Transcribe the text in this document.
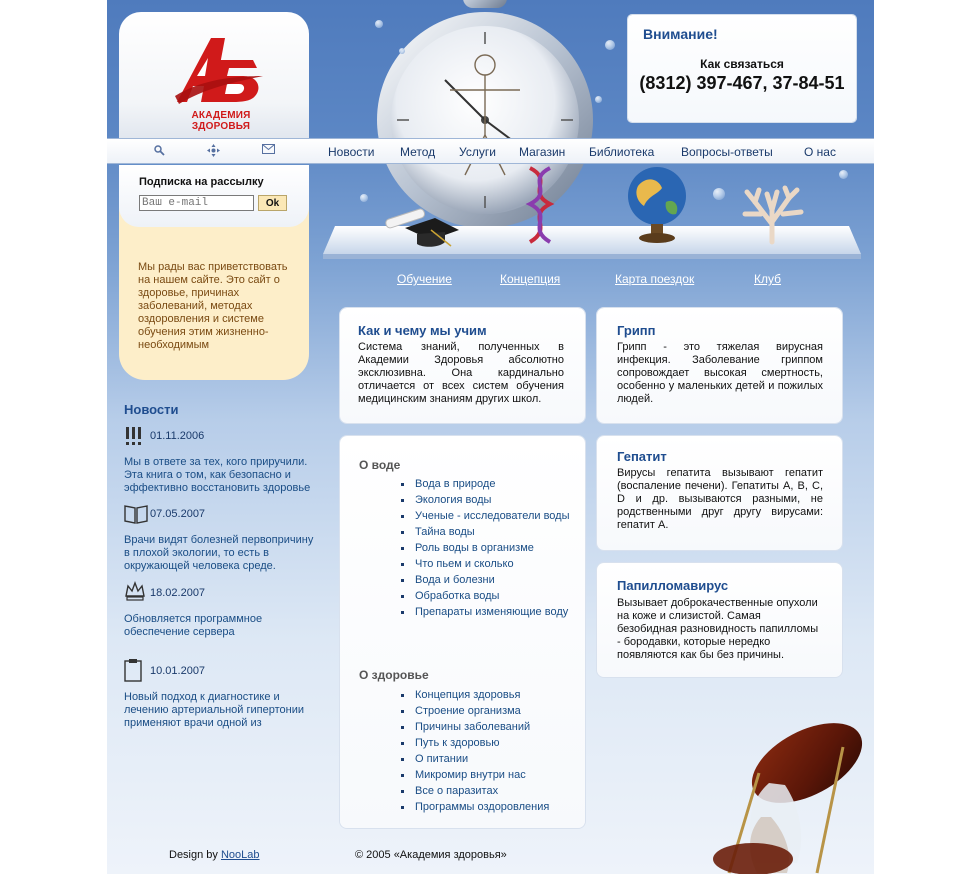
АКАДЕМИЯ ЗДОРОВЬЯ
Внимание!
Как связаться
(8312) 397-467, 37-84-51
Новости Метод Услуги Магазин Библиотека Вопросы-ответы	О нас
Подписка на рассылку
Ваш e-mail
Ok
Мы рады вас приветствовать на нашем сайте. Это сайт о здоровье, причинах заболеваний, методах оздоровления и системе обучения этим жизненно-необходимым
Обучение	Концепция	Карта поездок	Клуб
Новости
01.11.2006
Мы в ответе за тех, кого приручили. Эта книга о том, как безопасно и эффективно восстановить здоровье
07.05.2007
Врачи видят болезней первопричину в плохой экологии, то есть в окружающей человека среде.
18.02.2007
Обновляется программное обеспечение сервера
10.01.2007
Новый подход к диагностике и лечению артериальной гипертонии применяют врачи одной из
Как и чему мы учим
Система знаний, полученных в Академии Здоровья абсолютно эксклюзивна. Она кардинально отличается от всех систем обучения медицинским знаниям других школ.
О воде
Вода в природе
Экология воды
Ученые - исследователи воды
Тайна воды
Роль воды в организме
Что пьем и сколько
Вода и болезни
Обработка воды
Препараты изменяющие воду
О здоровье
Концепция здоровья
Строение организма
Причины заболеваний
Путь к здоровью
О питании
Микромир внутри нас
Все о паразитах
Программы оздоровления
Грипп
Грипп - это тяжелая вирусная инфекция. Заболевание гриппом сопровождает высокая смертность, особенно у маленьких детей и пожилых людей.
Гепатит
Вирусы гепатита вызывают гепатит (воспаление печени). Гепатиты А, В, С, D и др. вызываются разными, не родственными друг другу вирусами: гепатит А.
Папилломавирус
Вызывает доброкачественные опухоли на коже и слизистой. Самая безобидная разновидность папилломы - бородавки, которые нередко появляются как бы без причины.
Design by NooLab	© 2005 «Академия здоровья»
